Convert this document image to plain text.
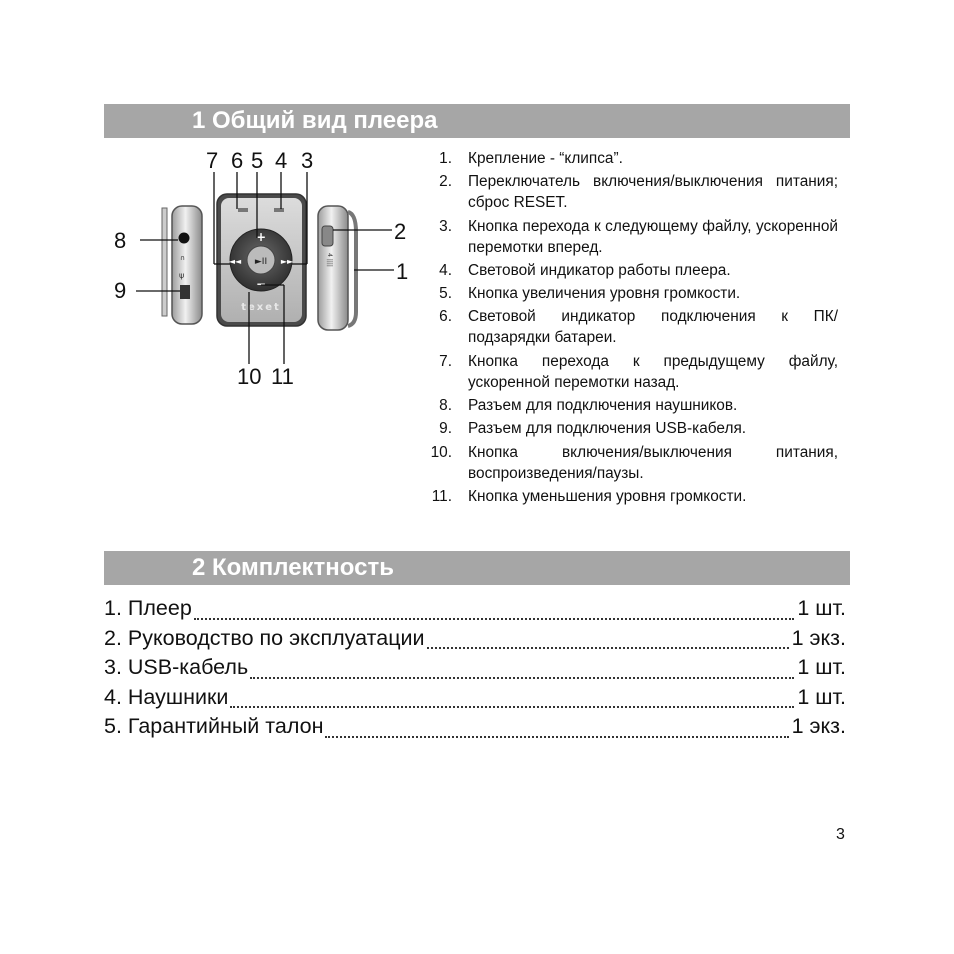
1 Общий вид плеера
∩
ψ
►II
+
−
◄◄	►►
texet
4 ||||
7 6 5 4 3
8
9
2
1
10 11
1. Крепление - “клипса”.
2. Переключатель включения/выключения питания; сброс RESET.
3. Кнопка перехода к следующему файлу, ускоренной перемотки вперед.
4. Световой индикатор работы плеера.
5. Кнопка увеличения уровня громкости.
6. Световой индикатор подключения к ПК/ подзарядки батареи.
7. Кнопка перехода к предыдущему файлу, ускоренной перемотки назад.
8. Разъем для подключения наушников.
9. Разъем для подключения USB-кабеля.
10. Кнопка включения/выключения питания, воспроизведения/паузы.
11. Кнопка уменьшения уровня громкости.
2 Комплектность
1. Плеер	1 шт.
2. Руководство по эксплуатации	1 экз.
3. USB-кабель	1 шт.
4. Наушники	1 шт.
5. Гарантийный талон	1 экз.
3
